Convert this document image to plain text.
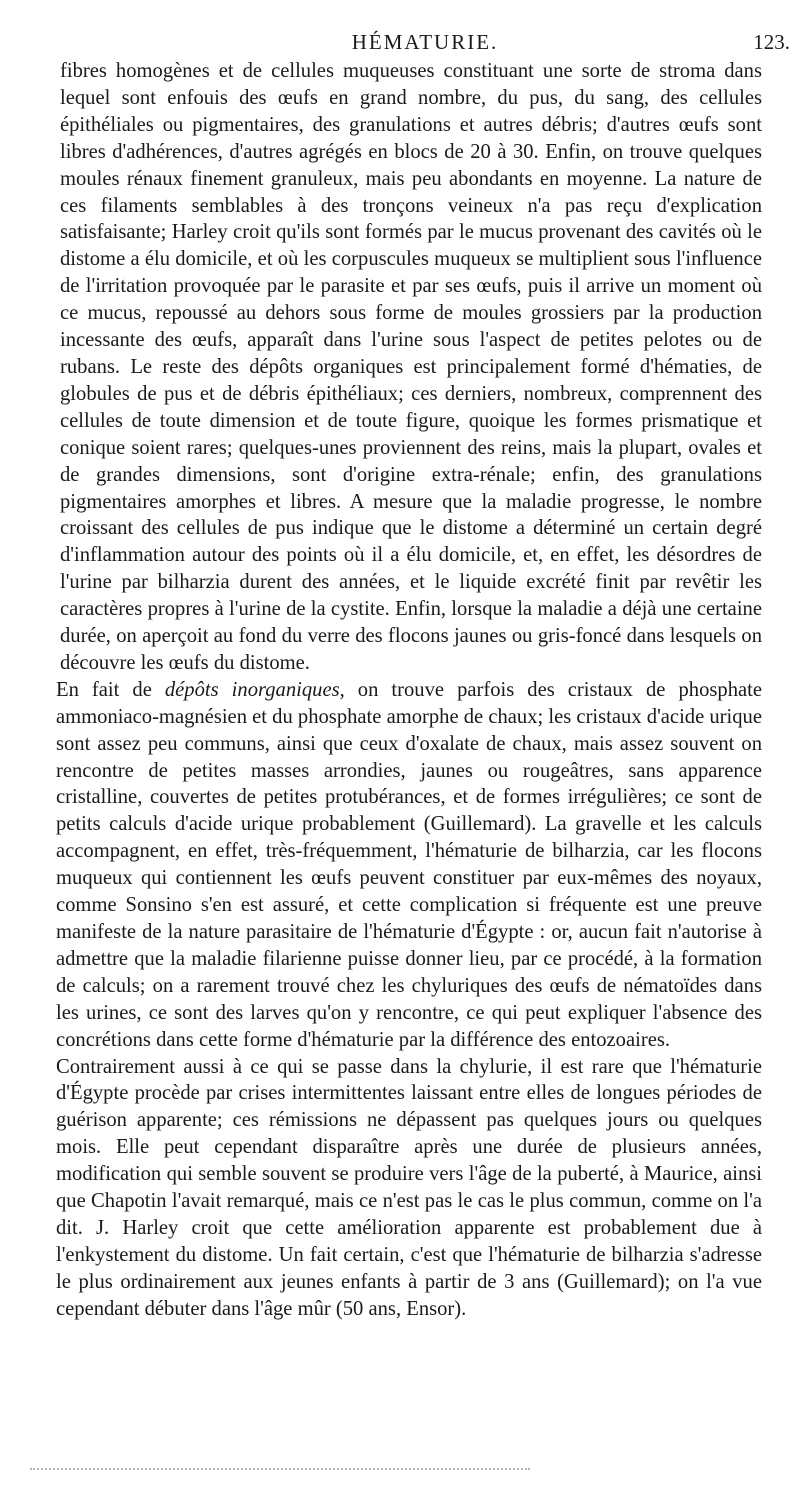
HÉMATURIE.	123.

fibres homogènes et de cellules muqueuses constituant une sorte de stroma dans lequel sont enfouis des œufs en grand nombre, du pus, du sang, des cellules épithéliales ou pigmentaires, des granulations et autres débris; d'autres œufs sont libres d'adhérences, d'autres agrégés en blocs de 20 à 30. Enfin, on trouve quelques moules rénaux finement granuleux, mais peu abondants en moyenne. La nature de ces filaments semblables à des tronçons veineux n'a pas reçu d'explication satisfaisante; Harley croit qu'ils sont formés par le mucus provenant des cavités où le distome a élu domicile, et où les corpuscules muqueux se multiplient sous l'influence de l'irritation provoquée par le parasite et par ses œufs, puis il arrive un moment où ce mucus, repoussé au dehors sous forme de moules grossiers par la production incessante des œufs, apparaît dans l'urine sous l'aspect de petites pelotes ou de rubans. Le reste des dépôts organiques est principalement formé d'hématies, de globules de pus et de débris épithéliaux; ces derniers, nombreux, comprennent des cellules de toute dimension et de toute figure, quoique les formes prismatique et conique soient rares; quelques-unes proviennent des reins, mais la plupart, ovales et de grandes dimensions, sont d'origine extra-rénale; enfin, des granulations pigmentaires amorphes et libres. A mesure que la maladie progresse, le nombre croissant des cellules de pus indique que le distome a déterminé un certain degré d'inflammation autour des points où il a élu domicile, et, en effet, les désordres de l'urine par bilharzia durent des années, et le liquide excrété finit par revêtir les caractères propres à l'urine de la cystite. Enfin, lorsque la maladie a déjà une certaine durée, on aperçoit au fond du verre des flocons jaunes ou gris-foncé dans lesquels on découvre les œufs du distome.

En fait de dépôts inorganiques, on trouve parfois des cristaux de phosphate ammoniaco-magnésien et du phosphate amorphe de chaux; les cristaux d'acide urique sont assez peu communs, ainsi que ceux d'oxalate de chaux, mais assez souvent on rencontre de petites masses arrondies, jaunes ou rougeâtres, sans apparence cristalline, couvertes de petites protubérances, et de formes irrégulières; ce sont de petits calculs d'acide urique probablement (Guillemard). La gravelle et les calculs accompagnent, en effet, très-fréquemment, l'hématurie de bilharzia, car les flocons muqueux qui contiennent les œufs peuvent constituer par eux-mêmes des noyaux, comme Sonsino s'en est assuré, et cette complication si fréquente est une preuve manifeste de la nature parasitaire de l'hématurie d'Égypte : or, aucun fait n'autorise à admettre que la maladie filarienne puisse donner lieu, par ce procédé, à la formation de calculs; on a rarement trouvé chez les chyluriques des œufs de nématoïdes dans les urines, ce sont des larves qu'on y rencontre, ce qui peut expliquer l'absence des concrétions dans cette forme d'hématurie par la différence des entozoaires.

Contrairement aussi à ce qui se passe dans la chylurie, il est rare que l'hématurie d'Égypte procède par crises intermittentes laissant entre elles de longues périodes de guérison apparente; ces rémissions ne dépassent pas quelques jours ou quelques mois. Elle peut cependant disparaître après une durée de plusieurs années, modification qui semble souvent se produire vers l'âge de la puberté, à Maurice, ainsi que Chapotin l'avait remarqué, mais ce n'est pas le cas le plus commun, comme on l'a dit. J. Harley croit que cette amélioration apparente est probablement due à l'enkystement du distome. Un fait certain, c'est que l'hématurie de bilharzia s'adresse le plus ordinairement aux jeunes enfants à partir de 3 ans (Guillemard); on l'a vue cependant débuter dans l'âge mûr (50 ans, Ensor).
